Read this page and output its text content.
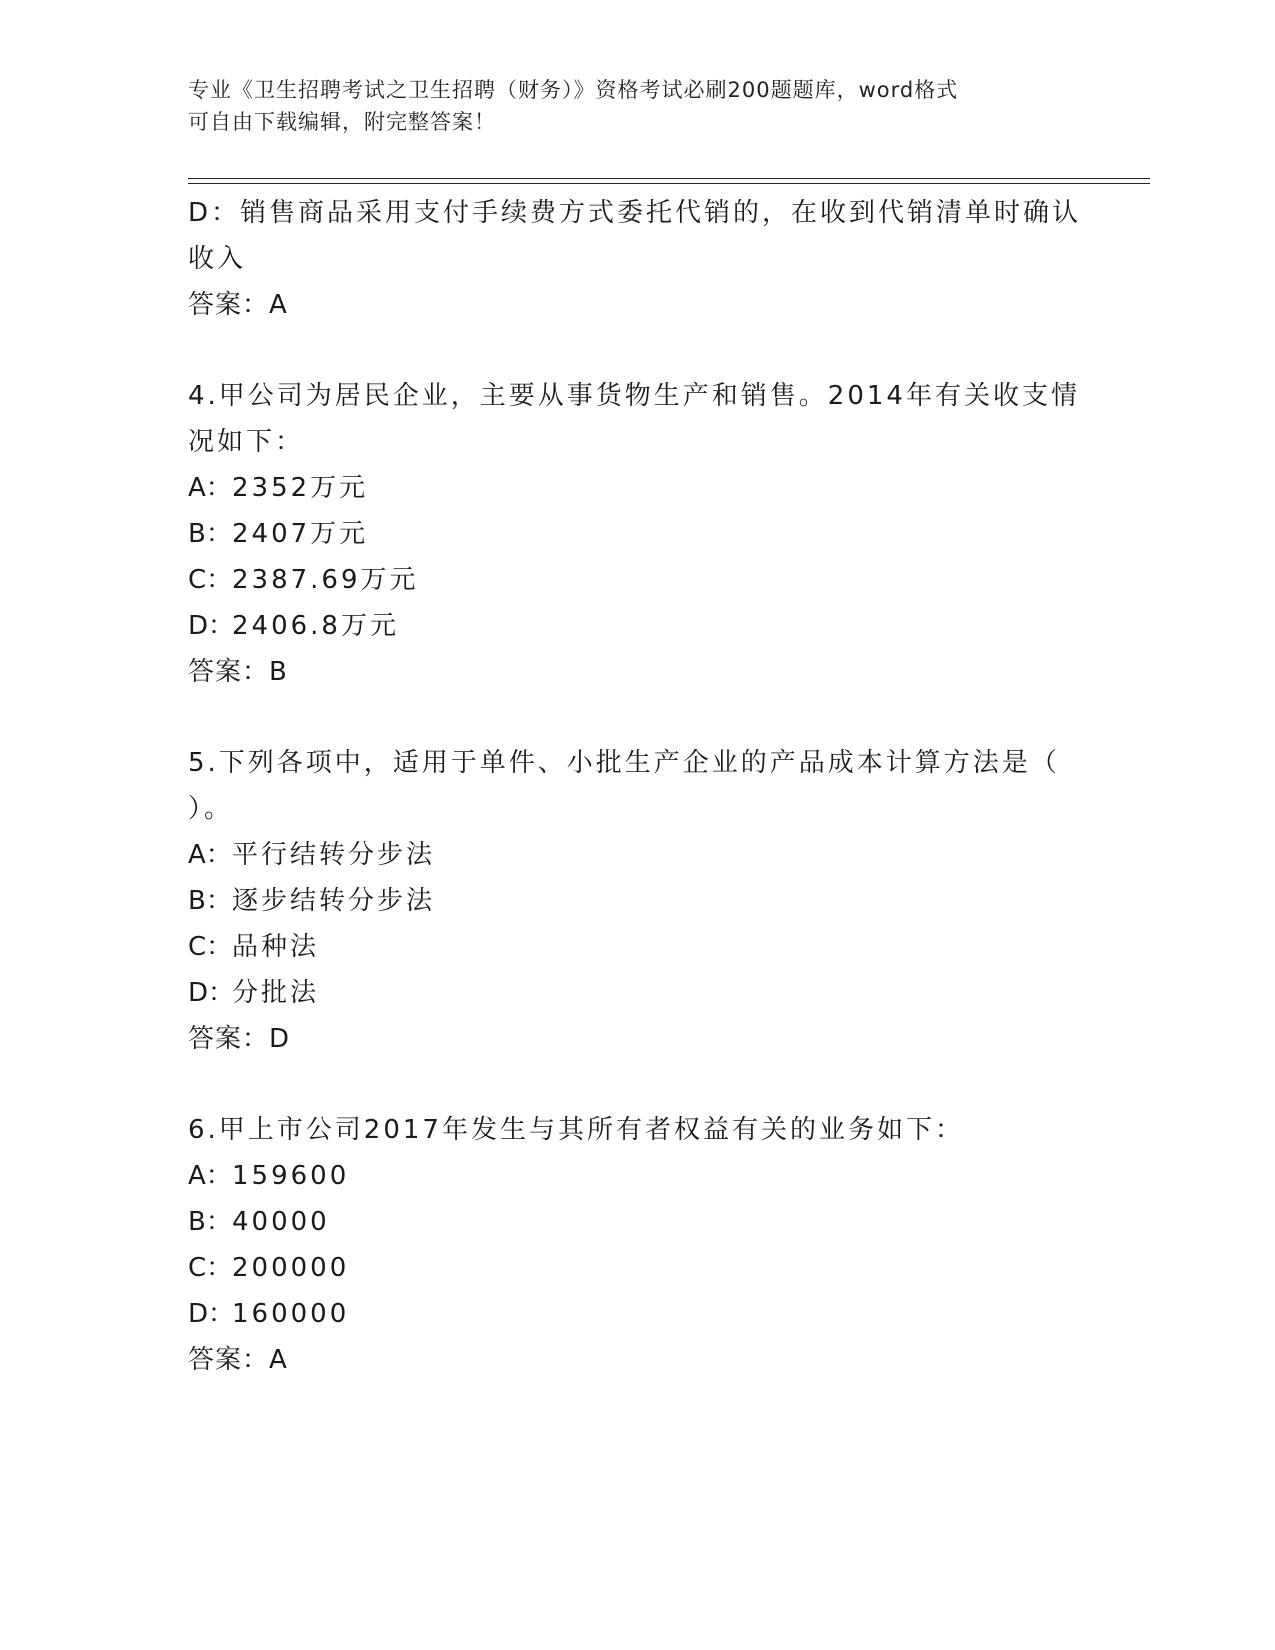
专业《卫生招聘考试之卫生招聘（财务）》资格考试必刷200题题库，word格式
可自由下载编辑，附完整答案！
D：销售商品采用支付手续费方式委托代销的，在收到代销清单时确认
收入
答案：A
4.甲公司为居民企业，主要从事货物生产和销售。2014年有关收支情
况如下：
A：2352万元
B：2407万元
C：2387.69万元
D：2406.8万元
答案：B
5.下列各项中，适用于单件、小批生产企业的产品成本计算方法是（
）。
A：平行结转分步法
B：逐步结转分步法
C：品种法
D：分批法
答案：D
6.甲上市公司2017年发生与其所有者权益有关的业务如下：
A：159600
B：40000
C：200000
D：160000
答案：A
